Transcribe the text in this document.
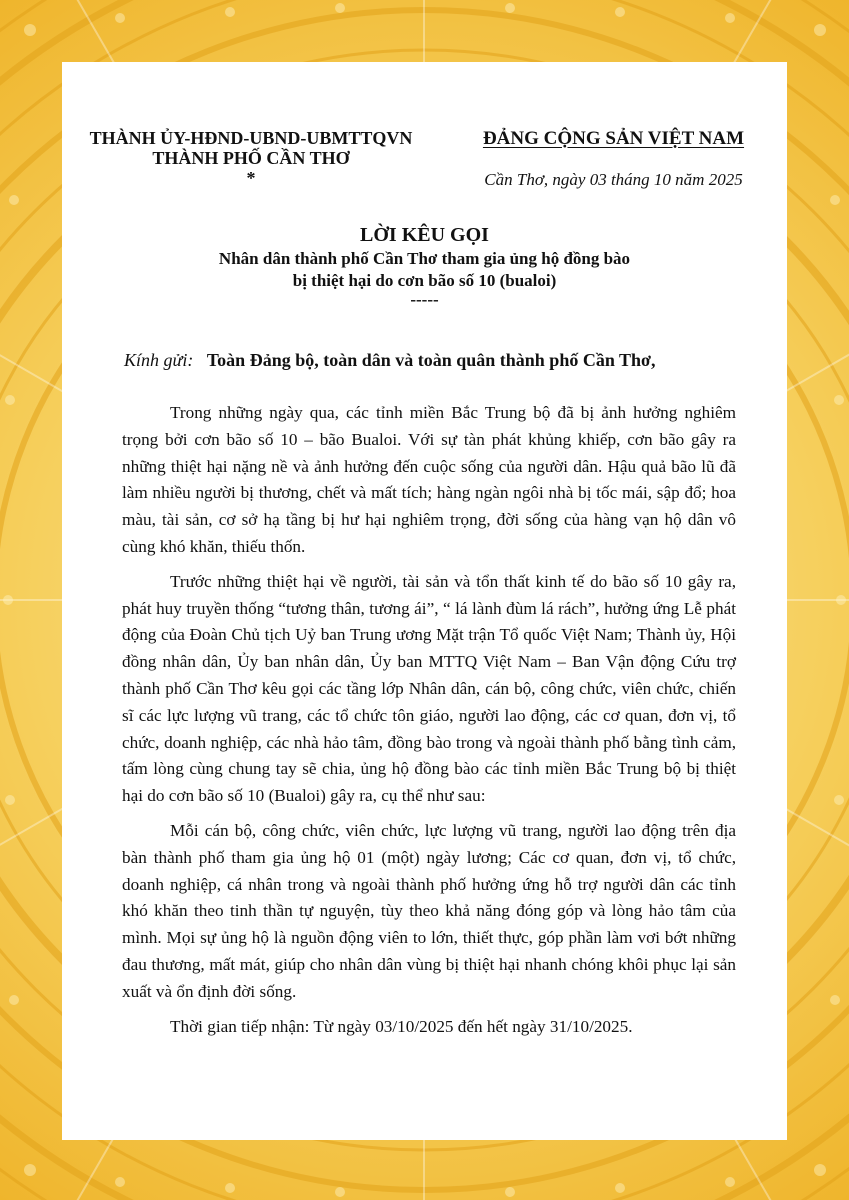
THÀNH ỦY-HĐND-UBND-UBMTTQVN
THÀNH PHỐ CẦN THƠ
*
ĐẢNG CỘNG SẢN VIỆT NAM
Cần Thơ, ngày 03 tháng 10 năm 2025
LỜI KÊU GỌI
Nhân dân thành phố Cần Thơ tham gia ủng hộ đồng bào
bị thiệt hại do cơn bão số 10 (bualoi)
-----
Kính gửi: Toàn Đảng bộ, toàn dân và toàn quân thành phố Cần Thơ,

Trong những ngày qua, các tỉnh miền Bắc Trung bộ đã bị ảnh hưởng nghiêm trọng bởi cơn bão số 10 – bão Bualoi. Với sự tàn phát khủng khiếp, cơn bão gây ra những thiệt hại nặng nề và ảnh hưởng đến cuộc sống của người dân. Hậu quả bão lũ đã làm nhiều người bị thương, chết và mất tích; hàng ngàn ngôi nhà bị tốc mái, sập đổ; hoa màu, tài sản, cơ sở hạ tầng bị hư hại nghiêm trọng, đời sống của hàng vạn hộ dân vô cùng khó khăn, thiếu thốn.

Trước những thiệt hại về người, tài sản và tổn thất kinh tế do bão số 10 gây ra, phát huy truyền thống “tương thân, tương ái”, “ lá lành đùm lá rách”, hưởng ứng Lễ phát động của Đoàn Chủ tịch Uỷ ban Trung ương Mặt trận Tổ quốc Việt Nam; Thành ủy, Hội đồng nhân dân, Ủy ban nhân dân, Ủy ban MTTQ Việt Nam – Ban Vận động Cứu trợ thành phố Cần Thơ kêu gọi các tầng lớp Nhân dân, cán bộ, công chức, viên chức, chiến sĩ các lực lượng vũ trang, các tổ chức tôn giáo, người lao động, các cơ quan, đơn vị, tổ chức, doanh nghiệp, các nhà hảo tâm, đồng bào trong và ngoài thành phố bằng tình cảm, tấm lòng cùng chung tay sẽ chia, ủng hộ đồng bào các tỉnh miền Bắc Trung bộ bị thiệt hại do cơn bão số 10 (Bualoi) gây ra, cụ thể như sau:

Mỗi cán bộ, công chức, viên chức, lực lượng vũ trang, người lao động trên địa bàn thành phố tham gia ủng hộ 01 (một) ngày lương; Các cơ quan, đơn vị, tổ chức, doanh nghiệp, cá nhân trong và ngoài thành phố hưởng ứng hỗ trợ người dân các tỉnh khó khăn theo tinh thần tự nguyện, tùy theo khả năng đóng góp và lòng hảo tâm của mình. Mọi sự ủng hộ là nguồn động viên to lớn, thiết thực, góp phần làm vơi bớt những đau thương, mất mát, giúp cho nhân dân vùng bị thiệt hại nhanh chóng khôi phục lại sản xuất và ổn định đời sống.

Thời gian tiếp nhận: Từ ngày 03/10/2025 đến hết ngày 31/10/2025.
